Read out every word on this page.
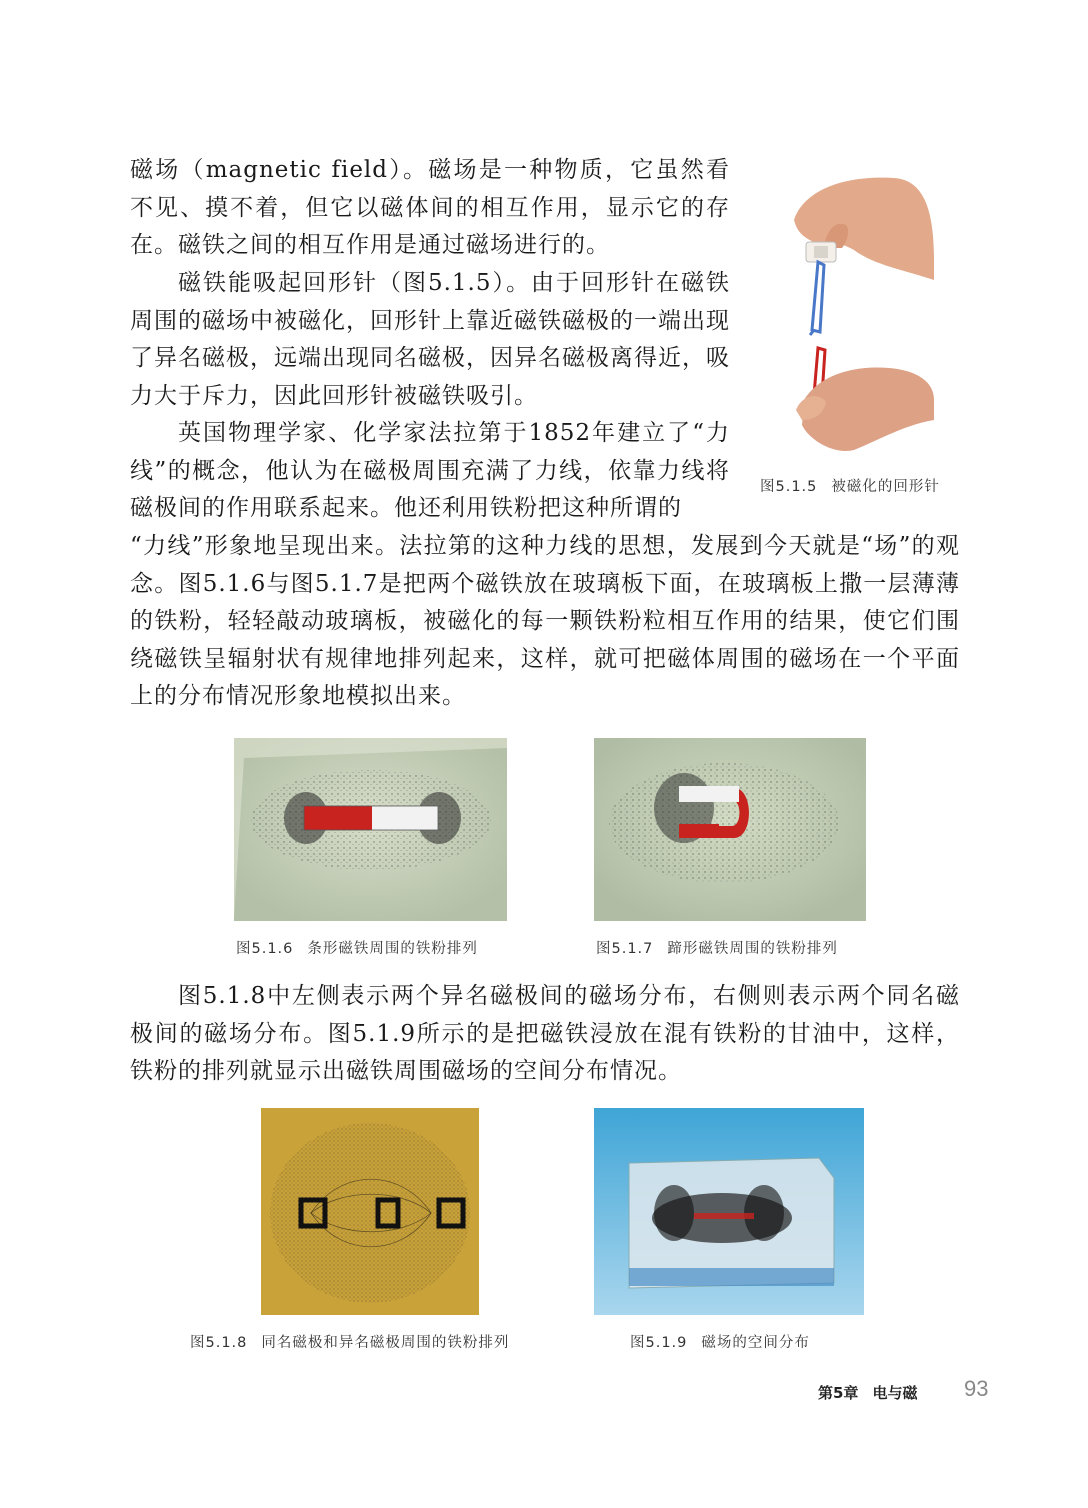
磁场（magnetic field）。磁场是一种物质，它虽然看不见、摸不着，但它以磁体间的相互作用，显示它的存在。磁铁之间的相互作用是通过磁场进行的。

磁铁能吸起回形针（图5.1.5）。由于回形针在磁铁周围的磁场中被磁化，回形针上靠近磁铁磁极的一端出现了异名磁极，远端出现同名磁极，因异名磁极离得近，吸力大于斥力，因此回形针被磁铁吸引。

英国物理学家、化学家法拉第于1852年建立了“力线”的概念，他认为在磁极周围充满了力线，依靠力线将磁极间的作用联系起来。他还利用铁粉把这种所谓的

“力线”形象地呈现出来。法拉第的这种力线的思想，发展到今天就是“场”的观念。图5.1.6与图5.1.7是把两个磁铁放在玻璃板下面，在玻璃板上撒一层薄薄的铁粉，轻轻敲动玻璃板，被磁化的每一颗铁粉粒相互作用的结果，使它们围绕磁铁呈辐射状有规律地排列起来，这样，就可把磁体周围的磁场在一个平面上的分布情况形象地模拟出来。

图5.1.8中左侧表示两个异名磁极间的磁场分布，右侧则表示两个同名磁极间的磁场分布。图5.1.9所示的是把磁铁浸放在混有铁粉的甘油中，这样，铁粉的排列就显示出磁铁周围磁场的空间分布情况。

图5.1.5 被磁化的回形针
图5.1.6 条形磁铁周围的铁粉排列	图5.1.7 蹄形磁铁周围的铁粉排列
图5.1.8 同名磁极和异名磁极周围的铁粉排列	图5.1.9 磁场的空间分布
第5章 电与磁 93
